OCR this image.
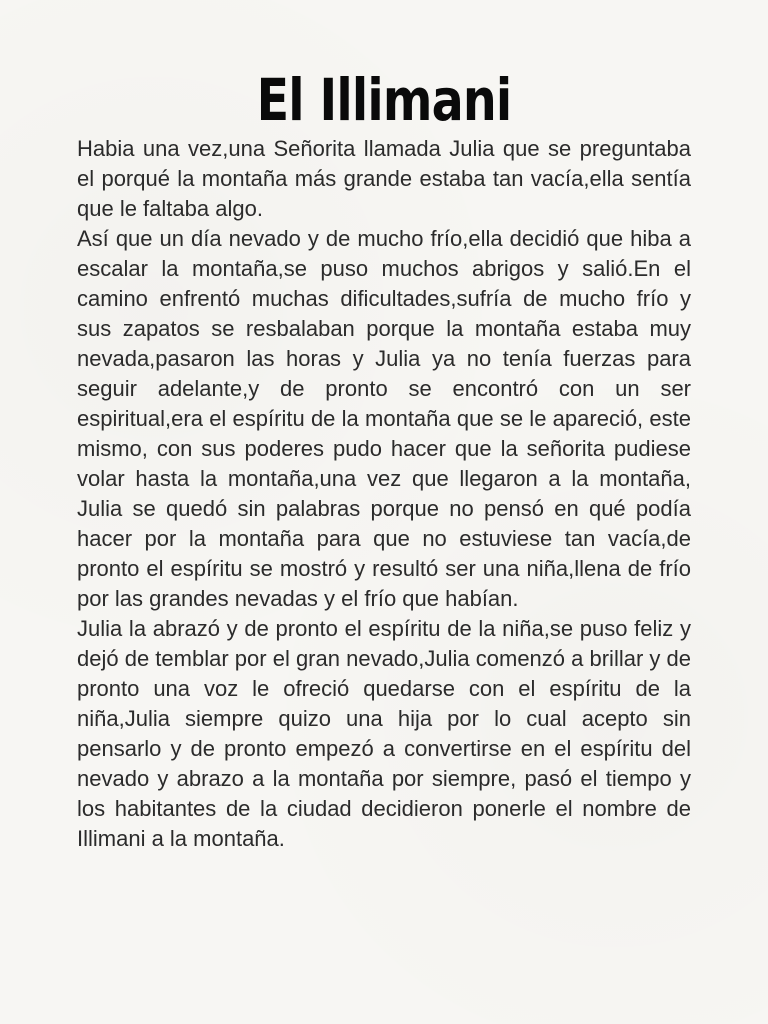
El Illimani

Habia una vez,una Señorita llamada Julia que se preguntaba el porqué la montaña más grande estaba tan vacía,ella sentía que le faltaba algo.

Así que un día nevado y de mucho frío,ella decidió que hiba a escalar la montaña,se puso muchos abrigos y salió.En el camino enfrentó muchas dificultades,sufría de mucho frío y sus zapatos se resbalaban porque la montaña estaba muy nevada,pasaron las horas y Julia ya no tenía fuerzas para seguir adelante,y de pronto se encontró con un ser espiritual,era el espíritu de la montaña que se le apareció, este mismo, con sus poderes pudo hacer que la señorita pudiese volar hasta la montaña,una vez que llegaron a la montaña, Julia se quedó sin palabras porque no pensó en qué podía hacer por la montaña para que no estuviese tan vacía,de pronto el espíritu se mostró y resultó ser una niña,llena de frío por las grandes nevadas y el frío que habían.

Julia la abrazó y de pronto el espíritu de la niña,se puso feliz y dejó de temblar por el gran nevado,Julia comenzó a brillar y de pronto una voz le ofreció quedarse con el espíritu de la niña,Julia siempre quizo una hija por lo cual acepto sin pensarlo y de pronto empezó a convertirse en el espíritu del nevado y abrazo a la montaña por siempre, pasó el tiempo y los habitantes de la ciudad decidieron ponerle el nombre de Illimani a la montaña.
